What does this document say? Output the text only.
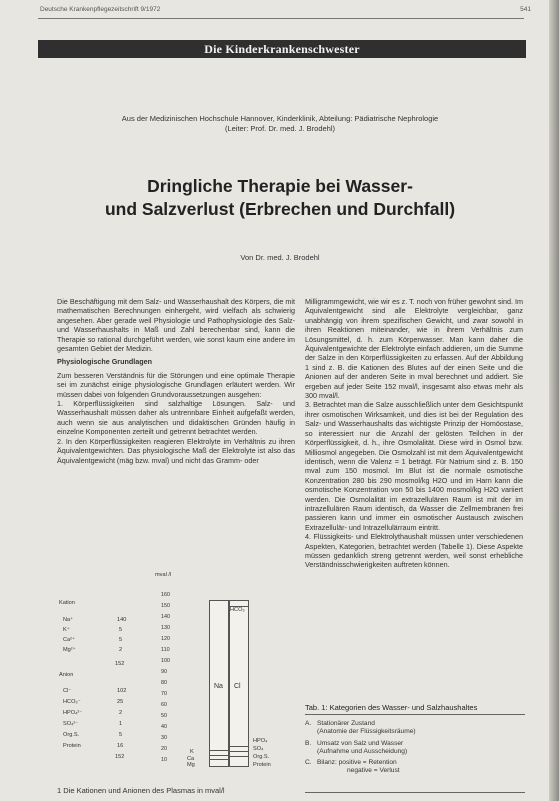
Deutsche Krankenpflegezeitschrift 9/1972	541
Die Kinderkrankenschwester
Aus der Medizinischen Hochschule Hannover, Kinderklinik, Abteilung: Pädiatrische Nephrologie
(Leiter: Prof. Dr. med. J. Brodehl)
Dringliche Therapie bei Wasser-
und Salzverlust (Erbrechen und Durchfall)
Von Dr. med. J. Brodehl

Die Beschäftigung mit dem Salz- und Wasserhaushalt des Körpers, die mit mathematischen Berechnungen einhergeht, wird vielfach als schwierig angesehen. Aber gerade weil Physiologie und Pathophysiologie des Salz- und Wasserhaushalts in Maß und Zahl berechenbar sind, kann die Therapie so rational durchgeführt werden, wie sonst kaum eine andere im gesamten Gebiet der Medizin.

Physiologische Grundlagen

Zum besseren Verständnis für die Störungen und eine optimale Therapie sei im zunächst einige physiologische Grundlagen erläutert werden. Wir müssen dabei von folgenden Grundvoraussetzungen ausgehen:

1. Körperflüssigkeiten sind salzhaltige Lösungen. Salz- und Wasserhaushalt müssen daher als untrennbare Einheit aufgefaßt werden, auch wenn sie aus analytischen und didaktischen Gründen häufig in einzelne Komponenten zerteilt und getrennt betrachtet werden.

2. In den Körperflüssigkeiten reagieren Elektrolyte im Verhältnis zu ihren Äquivalentgewichten. Das physiologische Maß der Elektrolyte ist also das Äquivalentgewicht (mäg bzw. mval) und nicht das Gramm- oder

Milligrammgewicht, wie wir es z. T. noch von früher gewohnt sind. Im Äquivalentgewicht sind alle Elektrolyte vergleichbar, ganz unabhängig von ihrem spezifischen Gewicht, und zwar sowohl in ihren Reaktionen miteinander, wie in ihrem Verhältnis zum Lösungsmittel, d. h. zum Körperwasser. Man kann daher die Äquivalentgewichte der Elektrolyte einfach addieren, um die Summe der Salze in den Körperflüssigkeiten zu erfassen. Auf der Abbildung 1 sind z. B. die Kationen des Blutes auf der einen Seite und die Anionen auf der anderen Seite in mval berechnet und addiert. Sie ergeben auf jeder Seite 152 mval/l, insgesamt also etwas mehr als 300 mval/l.

3. Betrachtet man die Salze ausschließlich unter dem Gesichtspunkt ihrer osmotischen Wirksamkeit, und dies ist bei der Regulation des Salz- und Wasserhaushalts das wichtigste Prinzip der Homöostase, so interessiert nur die Anzahl der gelösten Teilchen in der Körperflüssigkeit, d. h., ihre Osmolalität. Diese wird in Osmol bzw. Milliosmol angegeben. Die Osmolzahl ist mit dem Äquivalentgewicht identisch, wenn die Valenz = 1 beträgt. Für Natrium sind z. B. 150 mval zum 150 mosmol. Im Blut ist die normale osmotische Konzentration 280 bis 290 mosmol/kg H2O und im Harn kann die osmotische Konzentration von 50 bis 1400 mosmol/kg H2O variiert werden. Die Osmolalität im extrazellulären Raum ist mit der im intrazellulären Raum identisch, da Wasser die Zellmembranen frei passieren kann und immer ein osmotischer Austausch zwischen Extrazellulär- und Intrazellulärraum eintritt.

4. Flüssigkeits- und Elektrolythaushalt müssen unter verschiedenen Aspekten, Kategorien, betrachtet werden (Tabelle 1). Diese Aspekte müssen gedanklich streng getrennt werden, weil sonst erhebliche Verständnisschwierigkeiten auftreten können.

mval /l
160
150
140
130
120
110
100
90
80
70
60
50
40
30
20
10
Kation
Na⁺	140
K⁺	5
Ca²⁺	5
Mg²⁺	2
152
Anion
Cl⁻	102
HCO₃⁻	25
HPO₄²⁻	2
SO₄²⁻	1
Org.S.	5
Protein	16
152
Na Cl
HCO₃
K
Ca
Mg
HPO₄
SO₄
Org.S.
Protein
1 Die Kationen und Anionen des Plasmas in mval/l
Tab. 1: Kategorien des Wasser- und Salzhaushaltes
A. Stationärer Zustand
(Anatomie der Flüssigkeitsräume)
B. Umsatz von Salz und Wasser
(Aufnahme und Ausscheidung)
C. Bilanz: positive = Retention
negative = Verlust
